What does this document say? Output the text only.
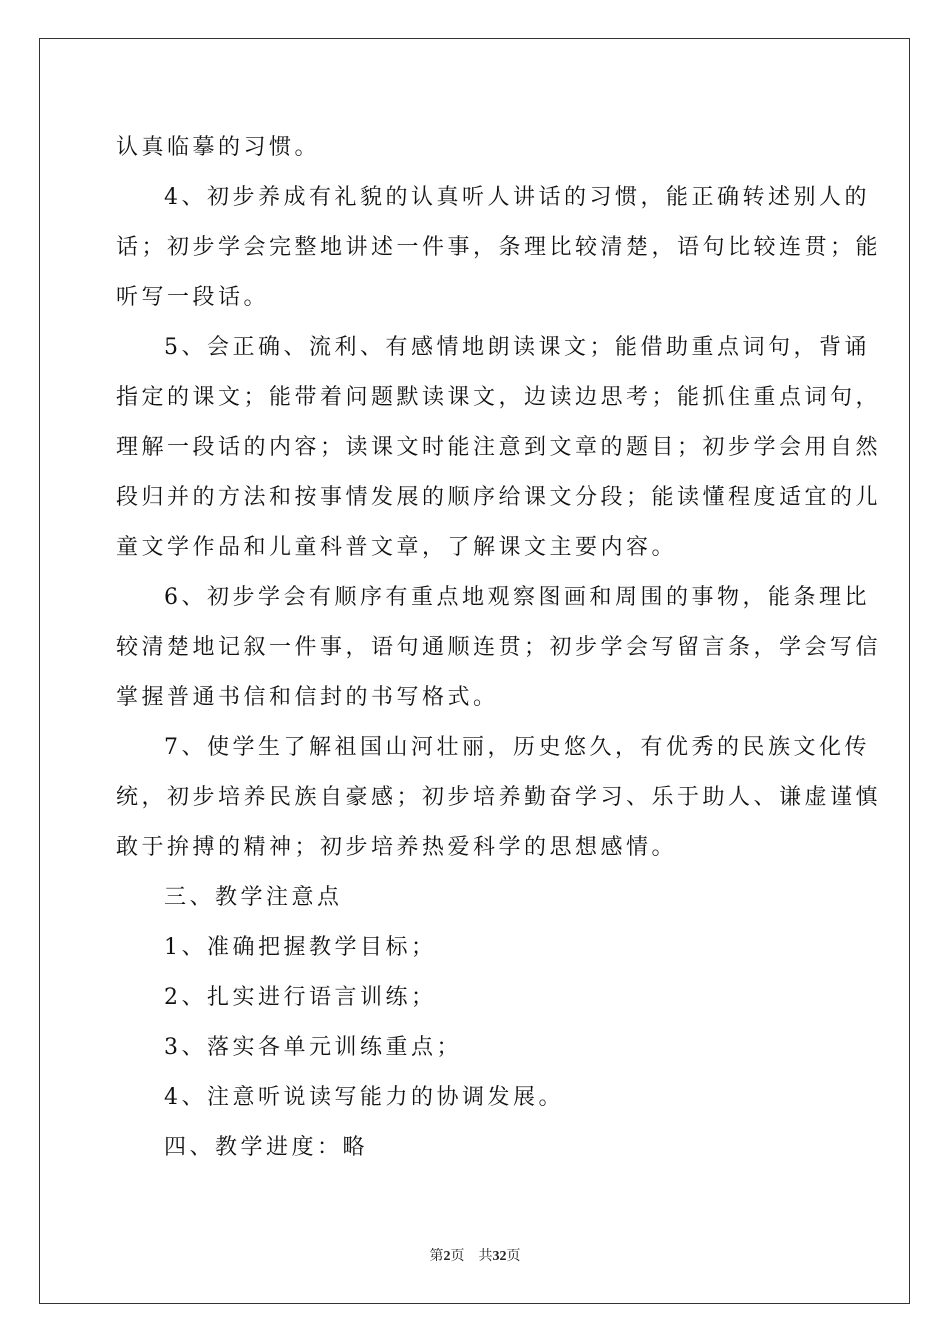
认真临摹的习惯。
4、初步养成有礼貌的认真听人讲话的习惯，能正确转述别人的
话；初步学会完整地讲述一件事，条理比较清楚，语句比较连贯；能
听写一段话。
5、会正确、流利、有感情地朗读课文；能借助重点词句，背诵
指定的课文；能带着问题默读课文，边读边思考；能抓住重点词句，
理解一段话的内容；读课文时能注意到文章的题目；初步学会用自然
段归并的方法和按事情发展的顺序给课文分段；能读懂程度适宜的儿
童文学作品和儿童科普文章，了解课文主要内容。
6、初步学会有顺序有重点地观察图画和周围的事物，能条理比
较清楚地记叙一件事，语句通顺连贯；初步学会写留言条，学会写信
掌握普通书信和信封的书写格式。
7、使学生了解祖国山河壮丽，历史悠久，有优秀的民族文化传
统，初步培养民族自豪感；初步培养勤奋学习、乐于助人、谦虚谨慎
敢于拚搏的精神；初步培养热爱科学的思想感情。
三、教学注意点
1、准确把握教学目标；
2、扎实进行语言训练；
3、落实各单元训练重点；
4、注意听说读写能力的协调发展。
四、教学进度：略
第2页 共32页
